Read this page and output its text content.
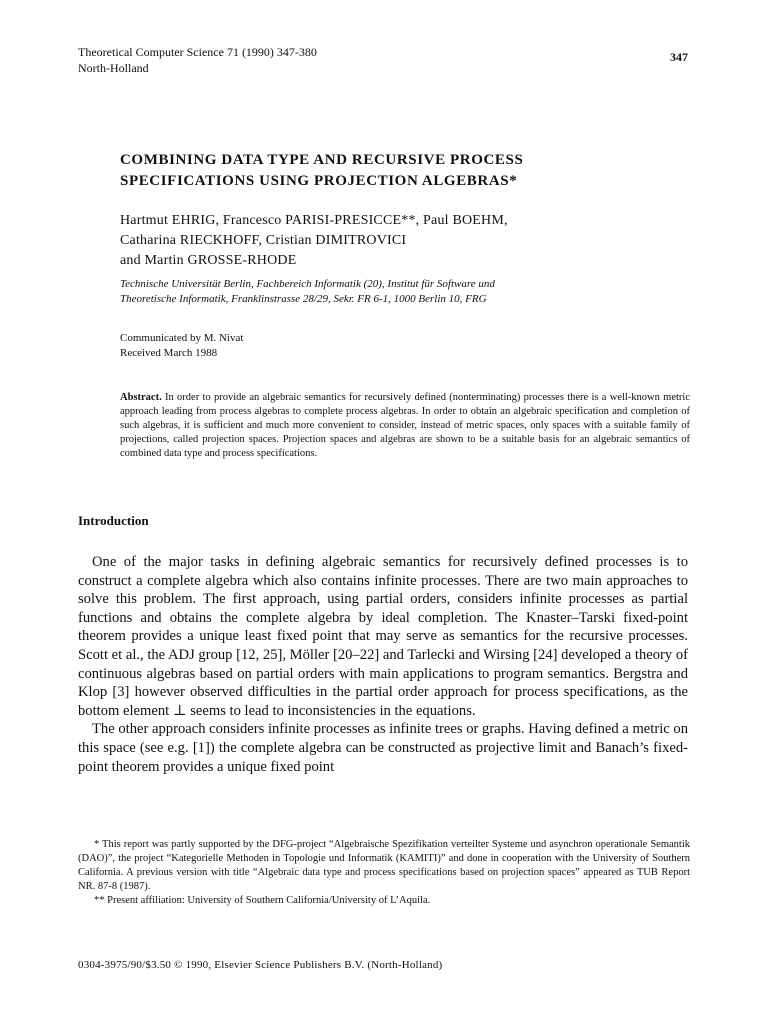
Theoretical Computer Science 71 (1990) 347-380
North-Holland
347
COMBINING DATA TYPE AND RECURSIVE PROCESS
SPECIFICATIONS USING PROJECTION ALGEBRAS*
Hartmut EHRIG, Francesco PARISI-PRESICCE**, Paul BOEHM,
Catharina RIECKHOFF, Cristian DIMITROVICI
and Martin GROSSE-RHODE
Technische Universität Berlin, Fachbereich Informatik (20), Institut für Software und
Theoretische Informatik, Franklinstrasse 28/29, Sekr. FR 6-1, 1000 Berlin 10, FRG
Communicated by M. Nivat
Received March 1988
Abstract. In order to provide an algebraic semantics for recursively defined (nonterminating) processes there is a well-known metric approach leading from process algebras to complete process algebras. In order to obtain an algebraic specification and completion of such algebras, it is sufficient and much more convenient to consider, instead of metric spaces, only spaces with a suitable family of projections, called projection spaces. Projection spaces and algebras are shown to be a suitable basis for an algebraic semantics of combined data type and process specifications.
Introduction

One of the major tasks in defining algebraic semantics for recursively defined processes is to construct a complete algebra which also contains infinite processes. There are two main approaches to solve this problem. The first approach, using partial orders, considers infinite processes as partial functions and obtains the complete algebra by ideal completion. The Knaster–Tarski fixed-point theorem provides a unique least fixed point that may serve as semantics for the recursive processes. Scott et al., the ADJ group [12, 25], Möller [20–22] and Tarlecki and Wirsing [24] developed a theory of continuous algebras based on partial orders with main applications to program semantics. Bergstra and Klop [3] however observed difficulties in the partial order approach for process specifications, as the bottom element ⊥ seems to lead to inconsistencies in the equations.

The other approach considers infinite processes as infinite trees or graphs. Having defined a metric on this space (see e.g. [1]) the complete algebra can be constructed as projective limit and Banach’s fixed-point theorem provides a unique fixed point

* This report was partly supported by the DFG-project “Algebraische Spezifikation verteilter Systeme und asynchron operationale Semantik (DAO)”, the project “Kategorielle Methoden in Topologie und Informatik (KAMITI)” and done in cooperation with the University of Southern California. A previous version with title “Algebraic data type and process specifications based on projection spaces” appeared as TUB Report NR. 87-8 (1987).

** Present affiliation: University of Southern California/University of L’Aquila.

0304-3975/90/$3.50 © 1990, Elsevier Science Publishers B.V. (North-Holland)
